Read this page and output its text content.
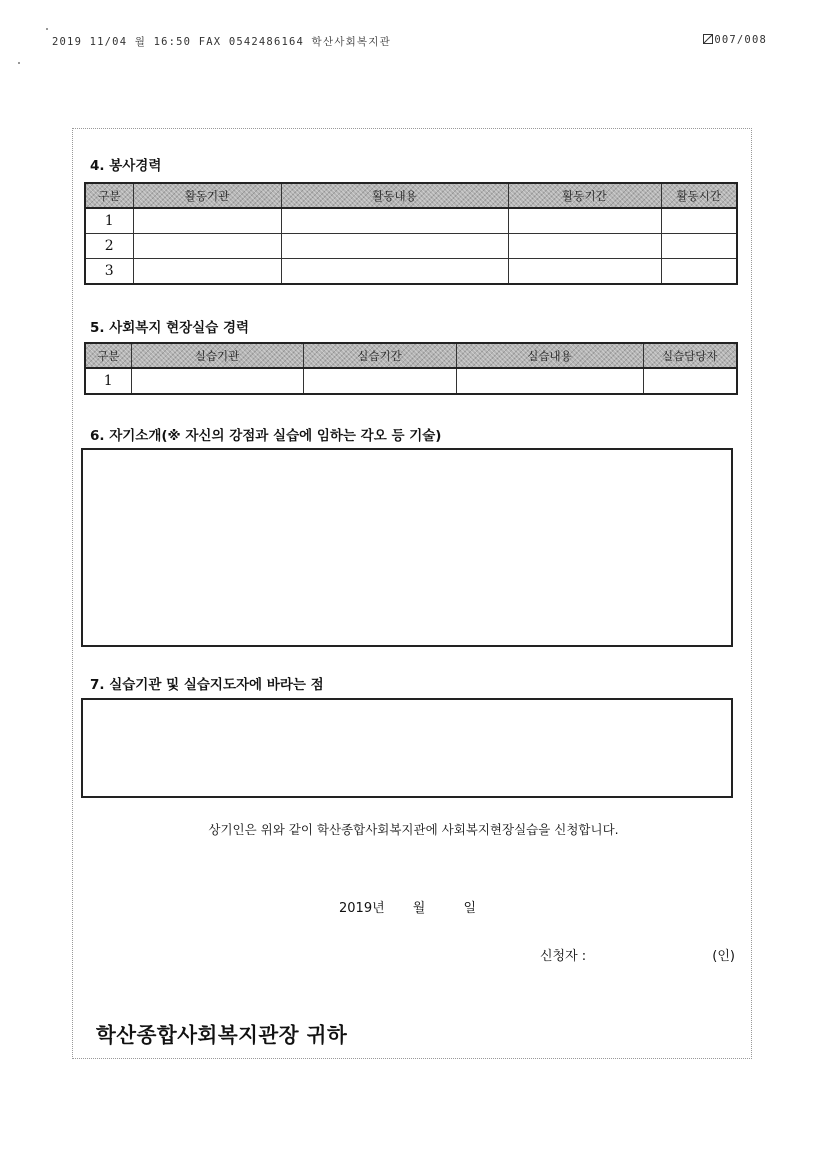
2019 11/04 월 16:50 FAX 0542486164 학산사회복지관	007/008
4. 봉사경력
구분	활동기관	활동내용	활동기간	활동시간
1				
2				
3				
5. 사회복지 현장실습 경력
구분	실습기관	실습기간	실습내용	실습담당자
1				
6. 자기소개(※ 자신의 강점과 실습에 임하는 각오 등 기술)
7. 실습기관 및 실습지도자에 바라는 점
상기인은 위와 같이 학산종합사회복지관에 사회복지현장실습을 신청합니다.
2019년 월	일
신청자 :	(인)
학산종합사회복지관장 귀하
